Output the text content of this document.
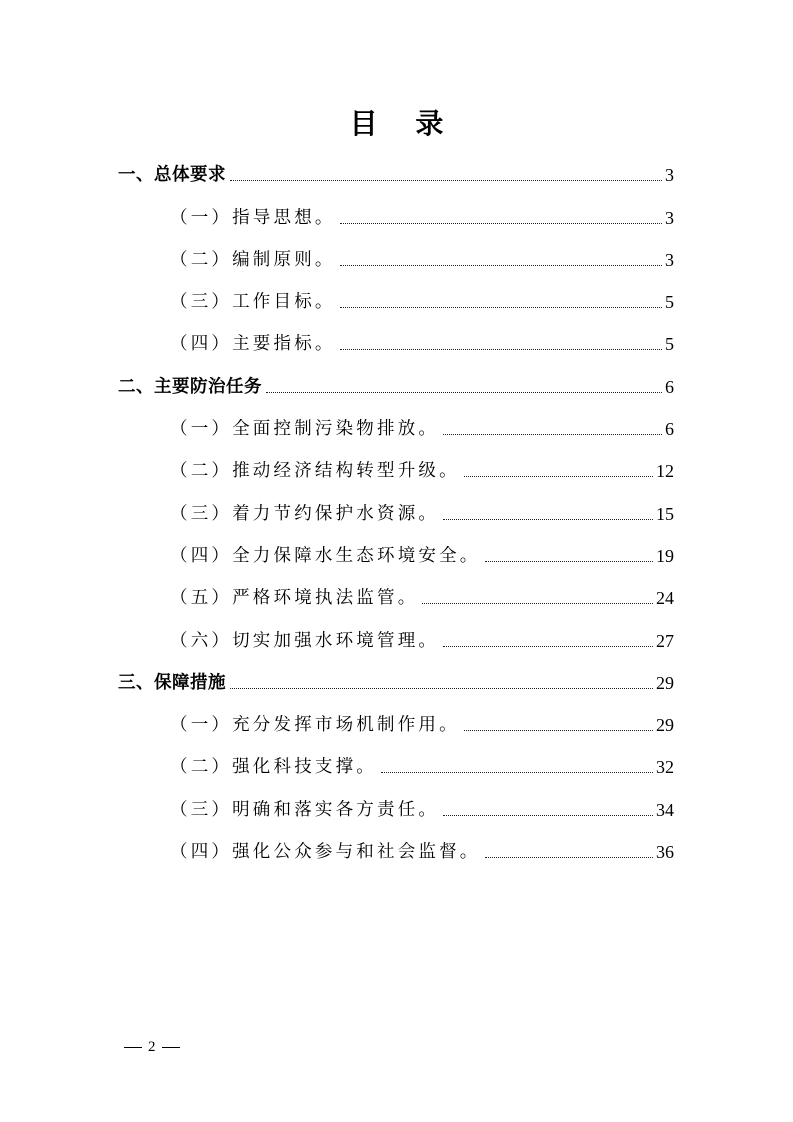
目 录
一、总体要求	3
（一）指导思想。	3
（二）编制原则。	3
（三）工作目标。	5
（四）主要指标。	5
二、主要防治任务	6
（一）全面控制污染物排放。	6
（二）推动经济结构转型升级。	12
（三）着力节约保护水资源。	15
（四）全力保障水生态环境安全。	19
（五）严格环境执法监管。	24
（六）切实加强水环境管理。	27
三、保障措施	29
（一）充分发挥市场机制作用。	29
（二）强化科技支撑。	32
（三）明确和落实各方责任。	34
（四）强化公众参与和社会监督。	36
2
